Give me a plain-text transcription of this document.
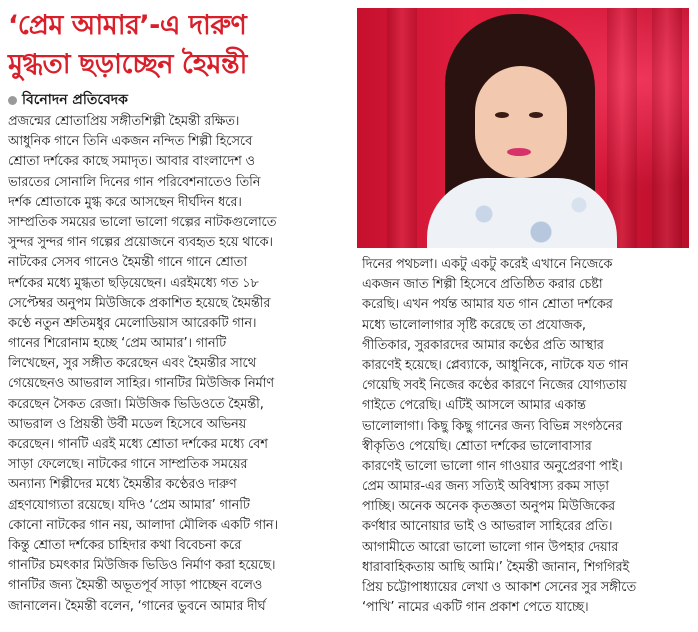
‘প্রেম আমার’-এ দারুণ
মুগ্ধতা ছড়াচ্ছেন হৈমন্তী
বিনোদন প্রতিবেদক
প্রজন্মের শ্রোতাপ্রিয় সঙ্গীতশিল্পী হৈমন্তী রক্ষিত।
আধুনিক গানে তিনি একজন নন্দিত শিল্পী হিসেবে
শ্রোতা দর্শকের কাছে সমাদৃত। আবার বাংলাদেশ ও
ভারতের সোনালি দিনের গান পরিবেশনাতেও তিনি
দর্শক শ্রোতাকে মুগ্ধ করে আসছেন দীর্ঘদিন ধরে।
সাম্প্রতিক সময়ের ভালো ভালো গল্পের নাটকগুলোতে
সুন্দর সুন্দর গান গল্পের প্রয়োজনে ব্যবহৃত হয়ে থাকে।
নাটকের সেসব গানেও হৈমন্তী গানে গানে শ্রোতা
দর্শকের মধ্যে মুগ্ধতা ছড়িয়েছেন। এরইমধ্যে গত ১৮
সেপ্টেম্বর অনুপম মিউজিকে প্রকাশিত হয়েছে হৈমন্তীর
কণ্ঠে নতুন শ্রুতিমধুর মেলোডিয়াস আরেকটি গান।
গানের শিরোনাম হচ্ছে ‘প্রেম আমার’। গানটি
লিখেছেন, সুর সঙ্গীত করেছেন এবং হৈমন্তীর সাথে
গেয়েছেনও আভরাল সাহির। গানটির মিউজিক নির্মাণ
করেছেন সৈকত রেজা। মিউজিক ভিডিওতে হৈমন্তী,
আভরাল ও প্রিয়ন্তী উর্বী মডেল হিসেবে অভিনয়
করেছেন। গানটি এরই মধ্যে শ্রোতা দর্শকের মধ্যে বেশ
সাড়া ফেলেছে। নাটকের গানে সাম্প্রতিক সময়ের
অন্যান্য শিল্পীদের মধ্যে হৈমন্তীর কণ্ঠেরও দারুণ
গ্রহণযোগ্যতা রয়েছে। যদিও ‘প্রেম আমার’ গানটি
কোনো নাটকের গান নয়, আলাদা মৌলিক একটি গান।
কিন্তু শ্রোতা দর্শকের চাহিদার কথা বিবেচনা করে
গানটির চমৎকার মিউজিক ভিডিও নির্মাণ করা হয়েছে।
গানটির জন্য হৈমন্তী অভূতপূর্ব সাড়া পাচ্ছেন বলেও
জানালেন। হৈমন্তী বলেন, ‘গানের ভুবনে আমার দীর্ঘ
দিনের পথচলা। একটু একটু করেই এখানে নিজেকে
একজন জাত শিল্পী হিসেবে প্রতিষ্ঠিত করার চেষ্টা
করেছি। এখন পর্যন্ত আমার যত গান শ্রোতা দর্শকের
মধ্যে ভালোলাগার সৃষ্টি করেছে তা প্রযোজক,
গীতিকার, সুরকারদের আমার কণ্ঠের প্রতি আস্থার
কারণেই হয়েছে। প্লেব্যাকে, আধুনিকে, নাটকে যত গান
গেয়েছি সবই নিজের কণ্ঠের কারণে নিজের যোগ্যতায়
গাইতে পেরেছি। এটিই আসলে আমার একান্ত
ভালোলাগা। কিছু কিছু গানের জন্য বিভিন্ন সংগঠনের
স্বীকৃতিও পেয়েছি। শ্রোতা দর্শকের ভালোবাসার
কারণেই ভালো ভালো গান গাওয়ার অনুপ্রেরণা পাই।
প্রেম আমার-এর জন্য সত্যিই অবিশ্বাস্য রকম সাড়া
পাচ্ছি। অনেক অনেক কৃতজ্ঞতা অনুপম মিউজিকের
কর্ণধার আনোয়ার ভাই ও আভরাল সাহিরের প্রতি।
আগামীতে আরো ভালো ভালো গান উপহার দেয়ার
ধারাবাহিকতায় আছি আমি।’ হৈমন্তী জানান, শিগগিরই
প্রিয় চট্টোপাধ্যায়ের লেখা ও আকাশ সেনের সুর সঙ্গীতে
‘পাখি’ নামের একটি গান প্রকাশ পেতে যাচ্ছে।
